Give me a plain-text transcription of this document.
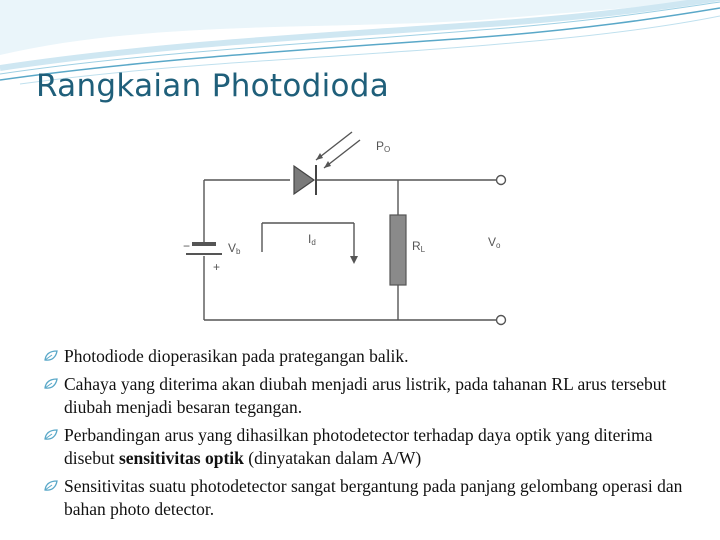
Rangkaian Photodioda
PO
Id
Vb	RL
Vo
−
+
Photodiode dioperasikan pada prategangan balik.
Cahaya yang diterima akan diubah menjadi arus listrik, pada tahanan RL arus tersebut diubah menjadi besaran tegangan.
Perbandingan arus yang dihasilkan photodetector terhadap daya optik yang diterima disebut sensitivitas optik (dinyatakan dalam A/W)
Sensitivitas suatu photodetector sangat bergantung pada panjang gelombang operasi dan bahan photo detector.
